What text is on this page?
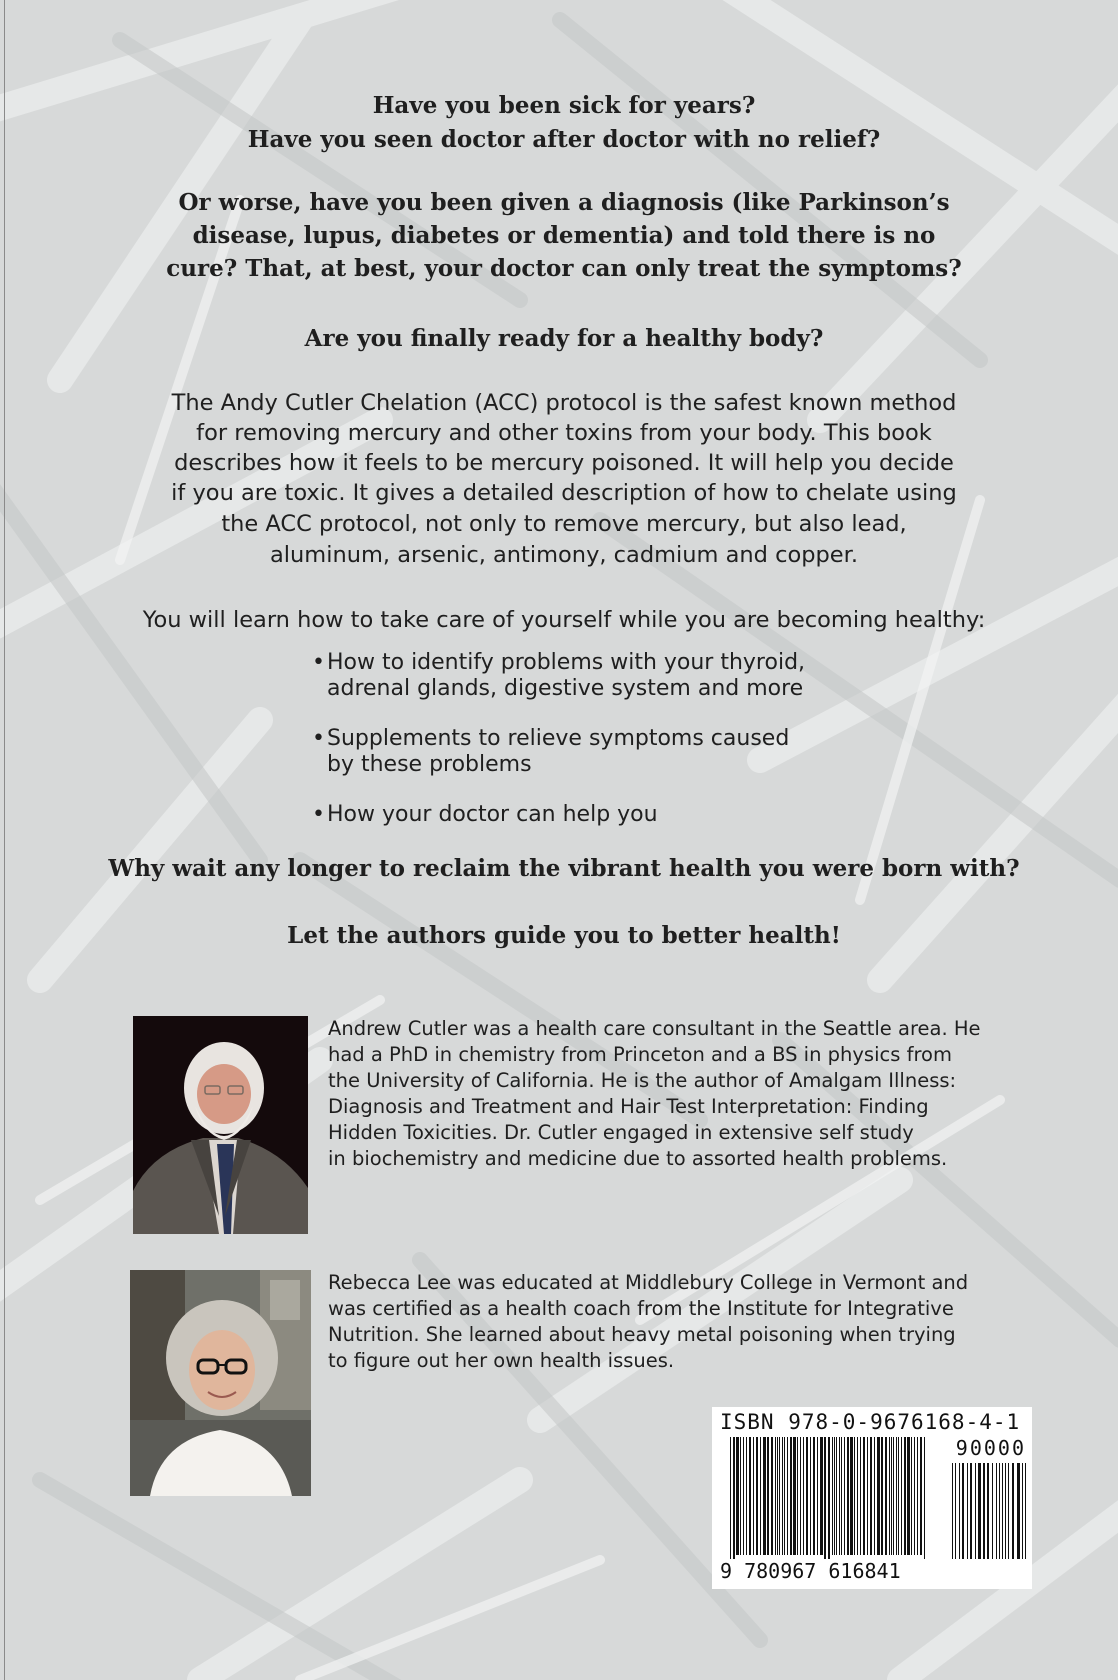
Have you been sick for years?

Have you seen doctor after doctor with no relief?

Or worse, have you been given a diagnosis (like Parkinson’s

disease, lupus, diabetes or dementia) and told there is no

cure? That, at best, your doctor can only treat the symptoms?

Are you finally ready for a healthy body?

The Andy Cutler Chelation (ACC) protocol is the safest known method

for removing mercury and other toxins from your body. This book

describes how it feels to be mercury poisoned. It will help you decide

if you are toxic. It gives a detailed description of how to chelate using

the ACC protocol, not only to remove mercury, but also lead,

aluminum, arsenic, antimony, cadmium and copper.

You will learn how to take care of yourself while you are becoming healthy:

• How to identify problems with your thyroid,
adrenal glands, digestive system and more
• Supplements to relieve symptoms caused
by these problems
• How your doctor can help you

Why wait any longer to reclaim the vibrant health you were born with?

Let the authors guide you to better health!

Andrew Cutler was a health care consultant in the Seattle area. He

had a PhD in chemistry from Princeton and a BS in physics from

the University of California. He is the author of Amalgam Illness:

Diagnosis and Treatment and Hair Test Interpretation: Finding

Hidden Toxicities. Dr. Cutler engaged in extensive self study

in biochemistry and medicine due to assorted health problems.

Rebecca Lee was educated at Middlebury College in Vermont and

was certified as a health coach from the Institute for Integrative

Nutrition. She learned about heavy metal poisoning when trying

to figure out her own health issues.

ISBN 978-0-9676168-4-1
90000
9 780967 616841
